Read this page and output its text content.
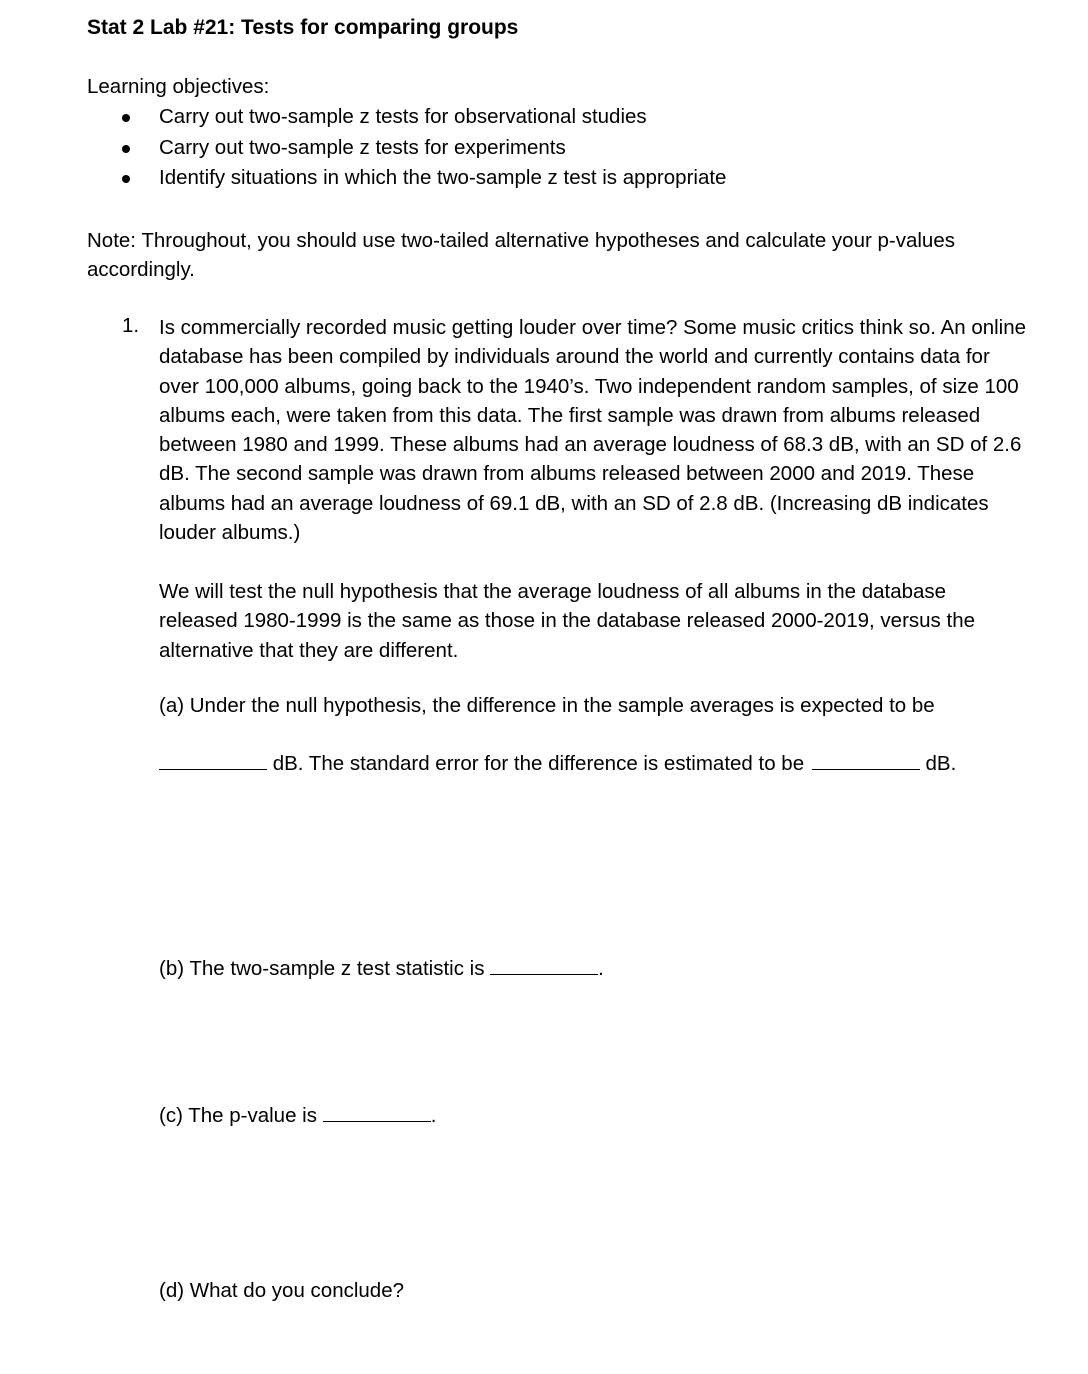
Stat 2 Lab #21: Tests for comparing groups
Learning objectives:
Carry out two-sample z tests for observational studies
Carry out two-sample z tests for experiments
Identify situations in which the two-sample z test is appropriate
Note: Throughout, you should use two-tailed alternative hypotheses and calculate your p-values accordingly.
1. Is commercially recorded music getting louder over time? Some music critics think so. An online database has been compiled by individuals around the world and currently contains data for over 100,000 albums, going back to the 1940’s. Two independent random samples, of size 100 albums each, were taken from this data. The first sample was drawn from albums released between 1980 and 1999. These albums had an average loudness of 68.3 dB, with an SD of 2.6 dB. The second sample was drawn from albums released between 2000 and 2019. These albums had an average loudness of 69.1 dB, with an SD of 2.8 dB. (Increasing dB indicates louder albums.)
We will test the null hypothesis that the average loudness of all albums in the database released 1980-1999 is the same as those in the database released 2000-2019, versus the alternative that they are different.
(a) Under the null hypothesis, the difference in the sample averages is expected to be
dB. The standard error for the difference is estimated to be	dB.
(b) The two-sample z test statistic is	.
(c) The p-value is	.
(d) What do you conclude?
